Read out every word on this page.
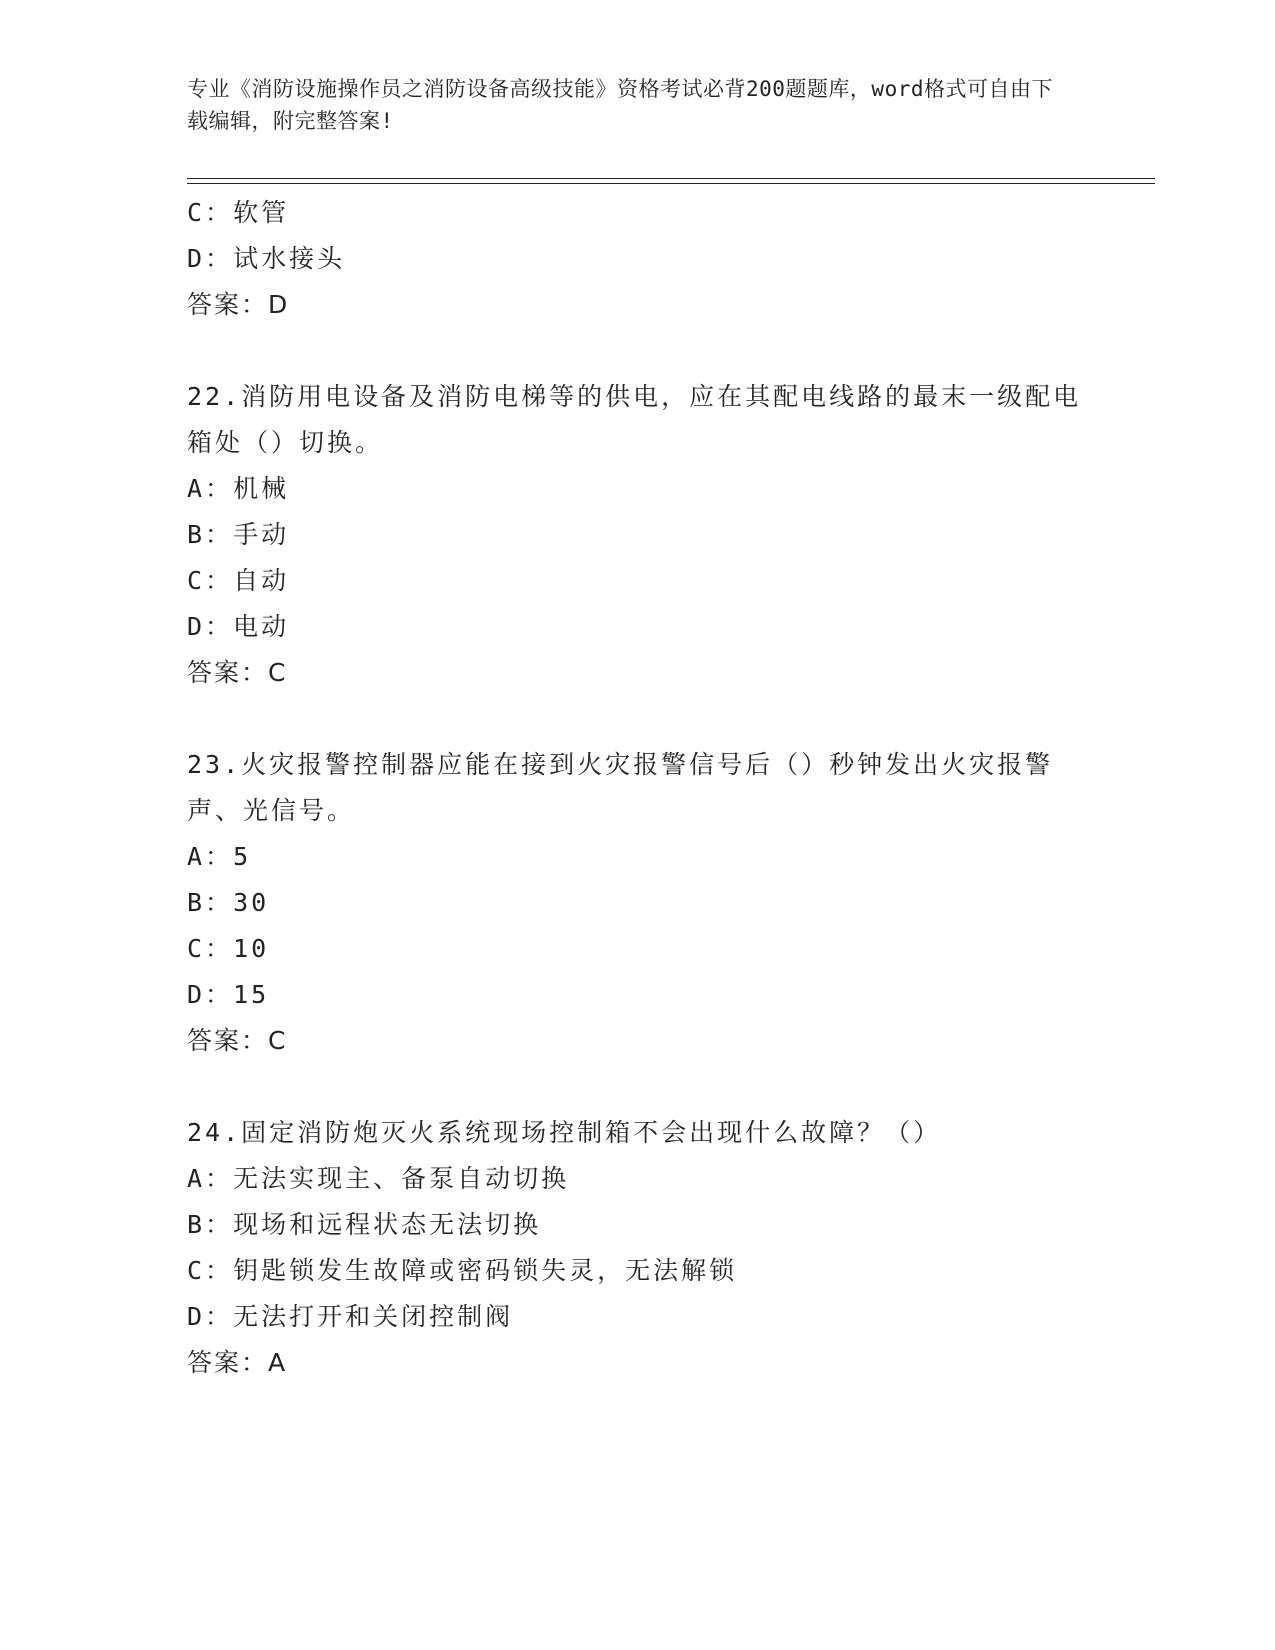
专业《消防设施操作员之消防设备高级技能》资格考试必背200题题库，word格式可自由下载编辑，附完整答案!
C：软管
D：试水接头
答案：D
22.消防用电设备及消防电梯等的供电，应在其配电线路的最末一级配电箱处（）切换。
A：机械
B：手动
C：自动
D：电动
答案：C
23.火灾报警控制器应能在接到火灾报警信号后（）秒钟发出火灾报警声、光信号。
A：5
B：30
C：10
D：15
答案：C
24.固定消防炮灭火系统现场控制箱不会出现什么故障？（）
A：无法实现主、备泵自动切换
B：现场和远程状态无法切换
C：钥匙锁发生故障或密码锁失灵，无法解锁
D：无法打开和关闭控制阀
答案：A
